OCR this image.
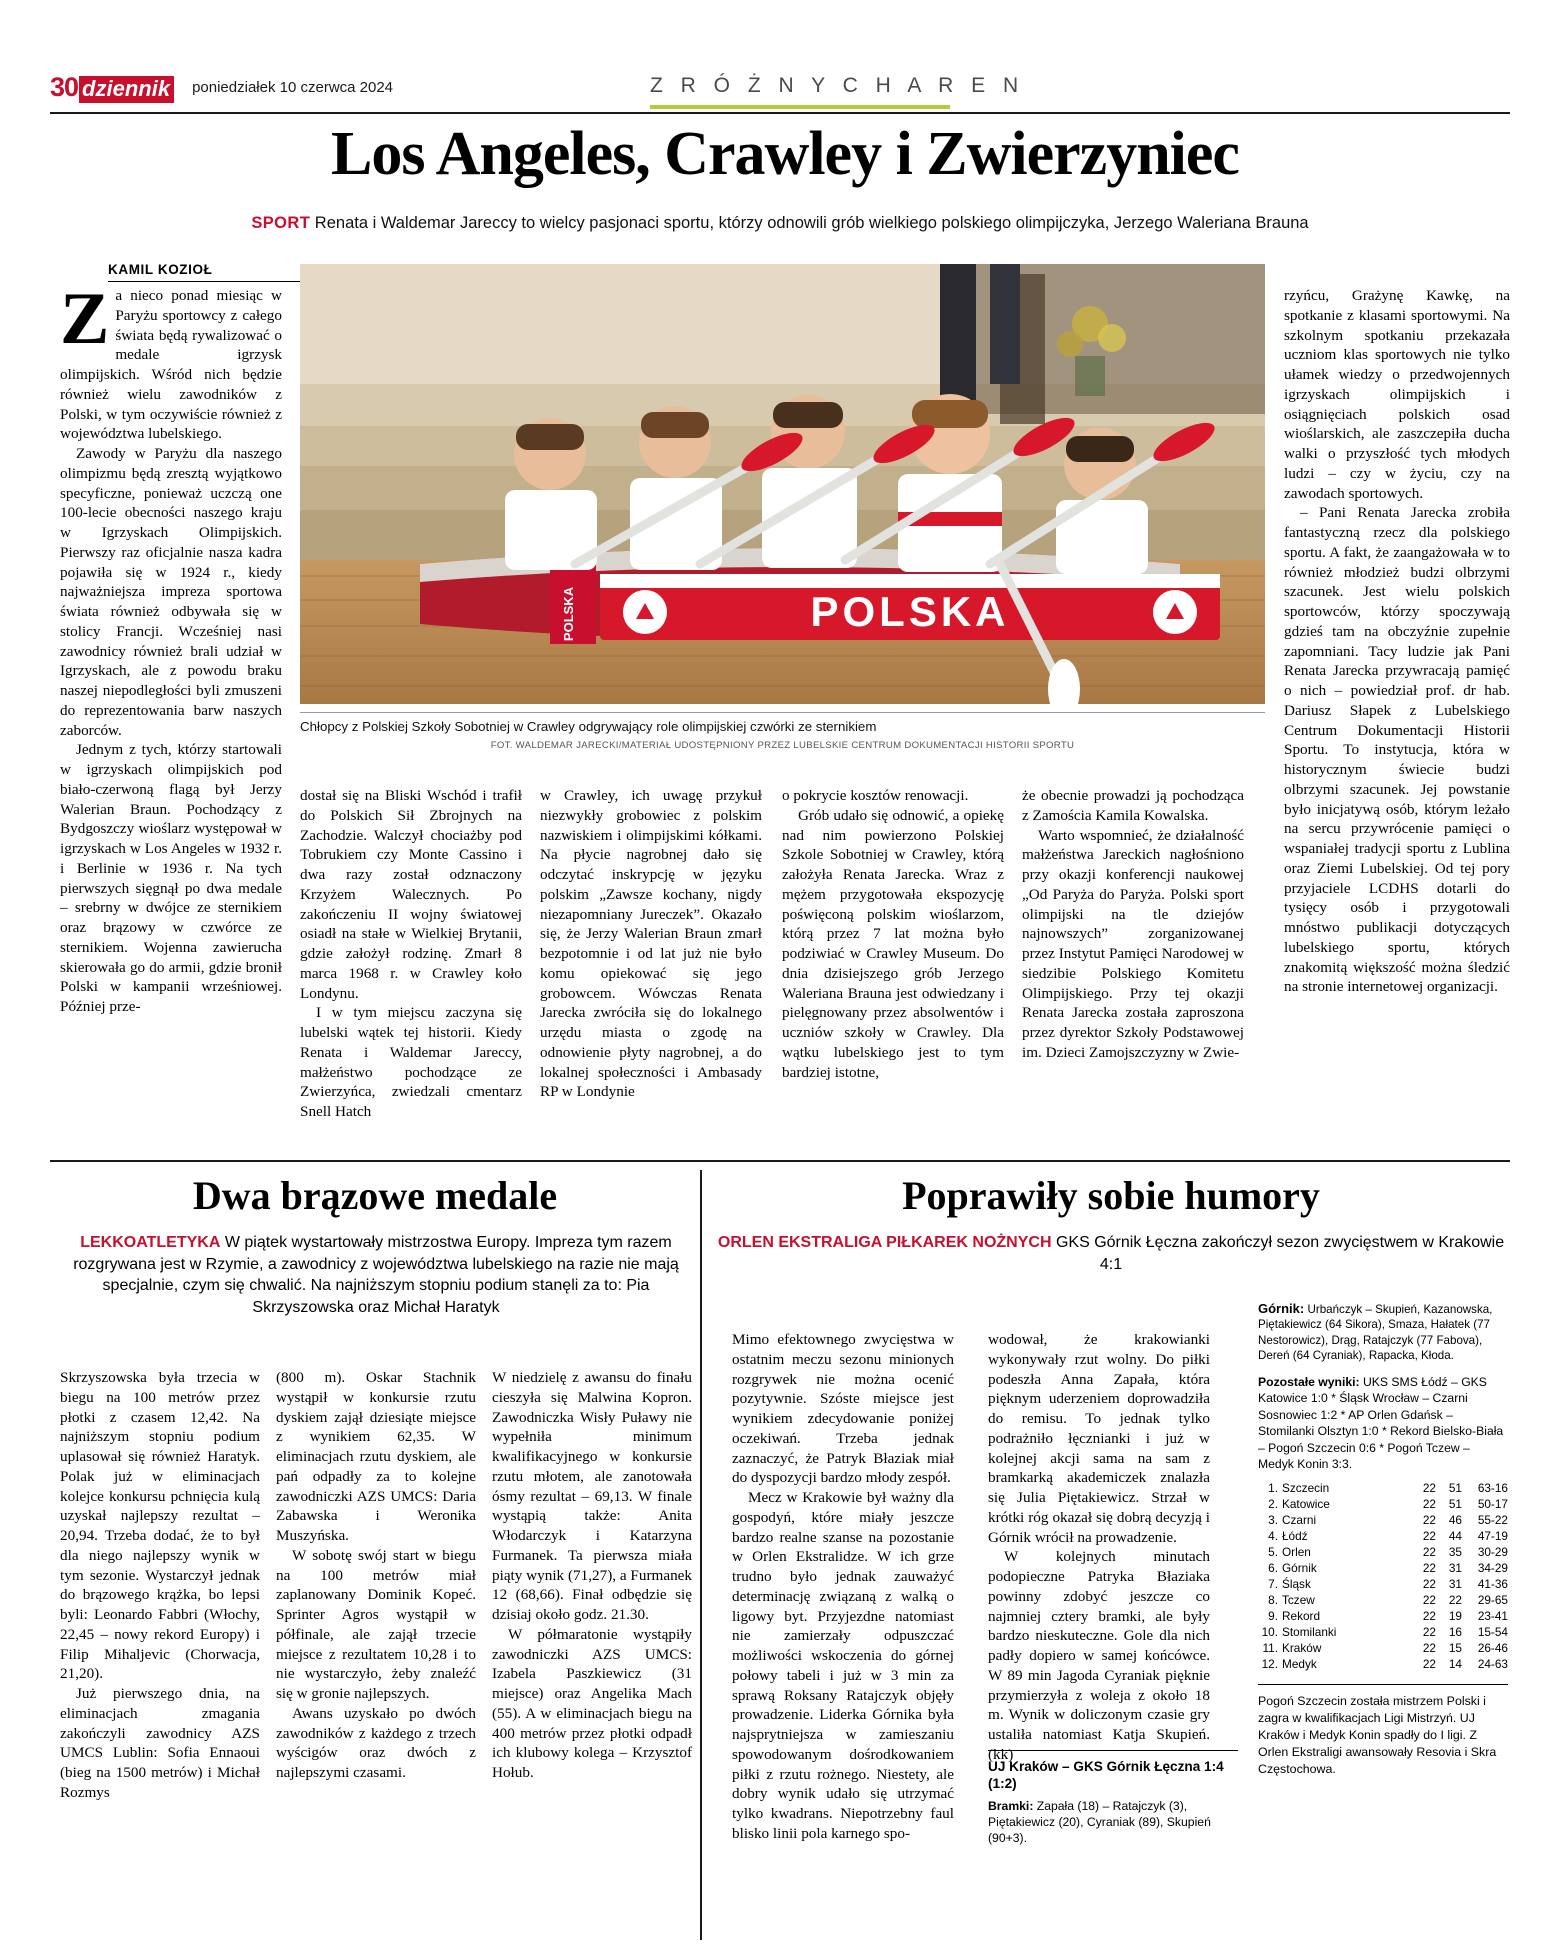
30 dziennik poniedziałek 10 czerwca 2024	Z R Ó Ż N Y C H A R E N
Los Angeles, Crawley i Zwierzyniec
SPORT Renata i Waldemar Jareccy to wielcy pasjonaci sportu, którzy odnowili grób wielkiego polskiego olimpijczyka, Jerzego Waleriana Brauna
KAMIL KOZIOŁ
POLSKA
POLSKA
Chłopcy z Polskiej Szkoły Sobotniej w Crawley odgrywający role olimpijskiej czwórki ze sternikiem
FOT. WALDEMAR JARECKI/MATERIAŁ UDOSTĘPNIONY PRZEZ LUBELSKIE CENTRUM DOKUMENTACJI HISTORII SPORTU

Za nieco ponad miesiąc w Paryżu sportowcy z całego świata będą rywalizować o medale igrzysk olimpijskich. Wśród nich będzie również wielu zawodników z Polski, w tym oczywiście również z województwa lubelskiego.

Zawody w Paryżu dla naszego olimpizmu będą zresztą wyjątkowo specyficzne, ponieważ uczczą one 100-lecie obecności naszego kraju w Igrzyskach Olimpijskich. Pierwszy raz oficjalnie nasza kadra pojawiła się w 1924 r., kiedy najważniejsza impreza sportowa świata również odbywała się w stolicy Francji. Wcześniej nasi zawodnicy również brali udział w Igrzyskach, ale z powodu braku naszej niepodległości byli zmuszeni do reprezentowania barw naszych zaborców.

Jednym z tych, którzy startowali w igrzyskach olimpijskich pod biało-czerwoną flagą był Jerzy Walerian Braun. Pochodzący z Bydgoszczy wioślarz występował w igrzyskach w Los Angeles w 1932 r. i Berlinie w 1936 r. Na tych pierwszych sięgnął po dwa medale – srebrny w dwójce ze sternikiem oraz brązowy w czwórce ze sternikiem. Wojenna zawierucha skierowała go do armii, gdzie bronił Polski w kampanii wrześniowej. Później prze-

dostał się na Bliski Wschód i trafił do Polskich Sił Zbrojnych na Zachodzie. Walczył chociażby pod Tobrukiem czy Monte Cassino i dwa razy został odznaczony Krzyżem Walecznych. Po zakończeniu II wojny światowej osiadł na stałe w Wielkiej Brytanii, gdzie założył rodzinę. Zmarł 8 marca 1968 r. w Crawley koło Londynu.

I w tym miejscu zaczyna się lubelski wątek tej historii. Kiedy Renata i Waldemar Jareccy, małżeństwo pochodzące ze Zwierzyńca, zwiedzali cmentarz Snell Hatch

w Crawley, ich uwagę przykuł niezwykły grobowiec z polskim nazwiskiem i olimpijskimi kółkami. Na płycie nagrobnej dało się odczytać inskrypcję w języku polskim „Zawsze kochany, nigdy niezapomniany Jureczek”. Okazało się, że Jerzy Walerian Braun zmarł bezpotomnie i od lat już nie było komu opiekować się jego grobowcem. Wówczas Renata Jarecka zwróciła się do lokalnego urzędu miasta o zgodę na odnowienie płyty nagrobnej, a do lokalnej społeczności i Ambasady RP w Londynie

o pokrycie kosztów renowacji.

Grób udało się odnowić, a opiekę nad nim powierzono Polskiej Szkole Sobotniej w Crawley, którą założyła Renata Jarecka. Wraz z mężem przygotowała ekspozycję poświęconą polskim wioślarzom, którą przez 7 lat można było podziwiać w Crawley Museum. Do dnia dzisiejszego grób Jerzego Waleriana Brauna jest odwiedzany i pielęgnowany przez absolwentów i uczniów szkoły w Crawley. Dla wątku lubelskiego jest to tym bardziej istotne,

że obecnie prowadzi ją pochodząca z Zamościa Kamila Kowalska.

Warto wspomnieć, że działalność małżeństwa Jareckich nagłośniono przy okazji konferencji naukowej „Od Paryża do Paryża. Polski sport olimpijski na tle dziejów najnowszych” zorganizowanej przez Instytut Pamięci Narodowej w siedzibie Polskiego Komitetu Olimpijskiego. Przy tej okazji Renata Jarecka została zaproszona przez dyrektor Szkoły Podstawowej im. Dzieci Zamojszczyzny w Zwie-

rzyńcu, Grażynę Kawkę, na spotkanie z klasami sportowymi. Na szkolnym spotkaniu przekazała uczniom klas sportowych nie tylko ułamek wiedzy o przedwojennych igrzyskach olimpijskich i osiągnięciach polskich osad wioślarskich, ale zaszczepiła ducha walki o przyszłość tych młodych ludzi – czy w życiu, czy na zawodach sportowych.

– Pani Renata Jarecka zrobiła fantastyczną rzecz dla polskiego sportu. A fakt, że zaangażowała w to również młodzież budzi olbrzymi szacunek. Jest wielu polskich sportowców, którzy spoczywają gdzieś tam na obczyźnie zupełnie zapomniani. Tacy ludzie jak Pani Renata Jarecka przywracają pamięć o nich – powiedział prof. dr hab. Dariusz Słapek z Lubelskiego Centrum Dokumentacji Historii Sportu. To instytucja, która w historycznym świecie budzi olbrzymi szacunek. Jej powstanie było inicjatywą osób, którym leżało na sercu przywrócenie pamięci o wspaniałej tradycji sportu z Lublina oraz Ziemi Lubelskiej. Od tej pory przyjaciele LCDHS dotarli do tysięcy osób i przygotowali mnóstwo publikacji dotyczących lubelskiego sportu, których znakomitą większość można śledzić na stronie internetowej organizacji.

Dwa brązowe medale
LEKKOATLETYKA W piątek wystartowały mistrzostwa Europy. Impreza tym razem rozgrywana jest w Rzymie, a zawodnicy z województwa lubelskiego na razie nie mają specjalnie, czym się chwalić. Na najniższym stopniu podium stanęli za to: Pia Skrzyszowska oraz Michał Haratyk

Skrzyszowska była trzecia w biegu na 100 metrów przez płotki z czasem 12,42. Na najniższym stopniu podium uplasował się również Haratyk. Polak już w eliminacjach kolejce konkursu pchnięcia kulą uzyskał najlepszy rezultat – 20,94. Trzeba dodać, że to był dla niego najlepszy wynik w tym sezonie. Wystarczył jednak do brązowego krążka, bo lepsi byli: Leonardo Fabbri (Włochy, 22,45 – nowy rekord Europy) i Filip Mihaljevic (Chorwacja, 21,20).

Już pierwszego dnia, na eliminacjach zmagania zakończyli zawodnicy AZS UMCS Lublin: Sofia Ennaoui (bieg na 1500 metrów) i Michał Rozmys

(800 m). Oskar Stachnik wystąpił w konkursie rzutu dyskiem zajął dziesiąte miejsce z wynikiem 62,35. W eliminacjach rzutu dyskiem, ale pań odpadły za to kolejne zawodniczki AZS UMCS: Daria Zabawska i Weronika Muszyńska.

W sobotę swój start w biegu na 100 metrów miał zaplanowany Dominik Kopeć. Sprinter Agros wystąpił w półfinale, ale zajął trzecie miejsce z rezultatem 10,28 i to nie wystarczyło, żeby znaleźć się w gronie najlepszych.

Awans uzyskało po dwóch zawodników z każdego z trzech wyścigów oraz dwóch z najlepszymi czasami.

W niedzielę z awansu do finału cieszyła się Malwina Kopron. Zawodniczka Wisły Puławy nie wypełniła minimum kwalifikacyjnego w konkursie rzutu młotem, ale zanotowała ósmy rezultat – 69,13. W finale wystąpią także: Anita Włodarczyk i Katarzyna Furmanek. Ta pierwsza miała piąty wynik (71,27), a Furmanek 12 (68,66). Finał odbędzie się dzisiaj około godz. 21.30.

W półmaratonie wystąpiły zawodniczki AZS UMCS: Izabela Paszkiewicz (31 miejsce) oraz Angelika Mach (55). A w eliminacjach biegu na 400 metrów przez płotki odpadł ich klubowy kolega – Krzysztof Hołub.

Poprawiły sobie humory
ORLEN EKSTRALIGA PIŁKAREK NOŻNYCH GKS Górnik Łęczna zakończył sezon zwycięstwem w Krakowie 4:1

Mimo efektownego zwycięstwa w ostatnim meczu sezonu minionych rozgrywek nie można ocenić pozytywnie. Szóste miejsce jest wynikiem zdecydowanie poniżej oczekiwań. Trzeba jednak zaznaczyć, że Patryk Błaziak miał do dyspozycji bardzo młody zespół.

Mecz w Krakowie był ważny dla gospodyń, które miały jeszcze bardzo realne szanse na pozostanie w Orlen Ekstralidze. W ich grze trudno było jednak zauważyć determinację związaną z walką o ligowy byt. Przyjezdne natomiast nie zamierzały odpuszczać możliwości wskoczenia do górnej połowy tabeli i już w 3 min za sprawą Roksany Ratajczyk objęły prowadzenie. Liderka Górnika była najsprytniejsza w zamieszaniu spowodowanym dośrodkowaniem piłki z rzutu rożnego. Niestety, ale dobry wynik udało się utrzymać tylko kwadrans. Niepotrzebny faul blisko linii pola karnego spo-

wodował, że krakowianki wykonywały rzut wolny. Do piłki podeszła Anna Zapała, która pięknym uderzeniem doprowadziła do remisu. To jednak tylko podrażniło łęcznianki i już w kolejnej akcji sama na sam z bramkarką akademiczek znalazła się Julia Piętakiewicz. Strzał w krótki róg okazał się dobrą decyzją i Górnik wrócił na prowadzenie.

W kolejnych minutach podopieczne Patryka Błaziaka powinny zdobyć jeszcze co najmniej cztery bramki, ale były bardzo nieskuteczne. Gole dla nich padły dopiero w samej końcówce. W 89 min Jagoda Cyraniak pięknie przymierzyła z woleja z około 18 m. Wynik w doliczonym czasie gry ustaliła natomiast Katja Skupień. (kk)

UJ Kraków – GKS Górnik Łęczna 1:4 (1:2)
Bramki: Zapała (18) – Ratajczyk (3), Piętakiewicz (20), Cyraniak (89), Skupień (90+3).
Górnik: Urbańczyk – Skupień, Kazanowska, Piętakiewicz (64 Sikora), Smaza, Hałatek (77 Nestorowicz), Drąg, Ratajczyk (77 Fabova), Dereń (64 Cyraniak), Rapacka, Kłoda.
Pozostałe wyniki: UKS SMS Łódź – GKS Katowice 1:0 * Śląsk Wrocław – Czarni Sosnowiec 1:2 * AP Orlen Gdańsk – Stomilanki Olsztyn 1:0 * Rekord Bielsko-Biała – Pogoń Szczecin 0:6 * Pogoń Tczew – Medyk Konin 3:3.
1.	Szczecin	22	51	63-16
2.	Katowice	22	51	50-17
3.	Czarni	22	46	55-22
4.	Łódź	22	44	47-19
5.	Orlen	22	35	30-29
6.	Górnik	22	31	34-29
7.	Śląsk	22	31	41-36
8.	Tczew	22	22	29-65
9.	Rekord	22	19	23-41
10.	Stomilanki	22	16	15-54
11.	Kraków	22	15	26-46
12.	Medyk	22	14	24-63
Pogoń Szczecin została mistrzem Polski i zagra w kwalifikacjach Ligi Mistrzyń. UJ Kraków i Medyk Konin spadły do I ligi. Z Orlen Ekstraligi awansowały Resovia i Skra Częstochowa.
